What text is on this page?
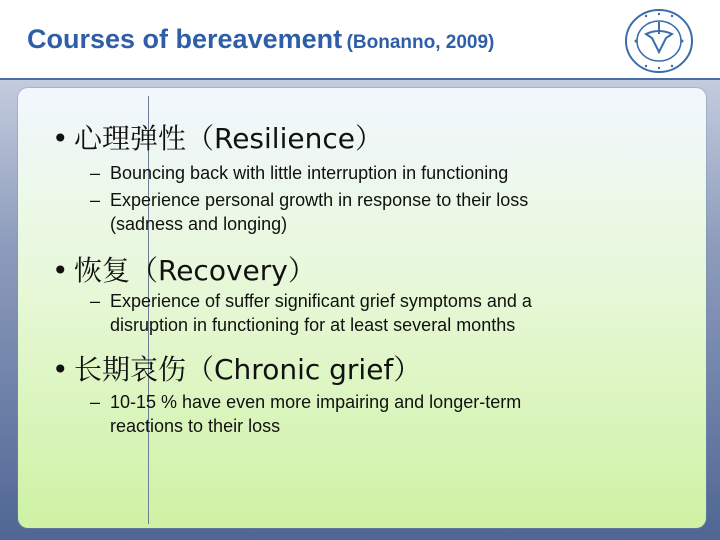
Courses of bereavement (Bonanno, 2009)
• 心理弹性（Resilience）
– Bouncing back with little interruption in functioning
– Experience personal growth in response to their loss (sadness and longing)
• 恢复（Recovery）
– Experience of suffer significant grief symptoms and a disruption in functioning for at least several months
• 长期哀伤（Chronic grief）
– 10-15 % have even more impairing and longer-term reactions to their loss
